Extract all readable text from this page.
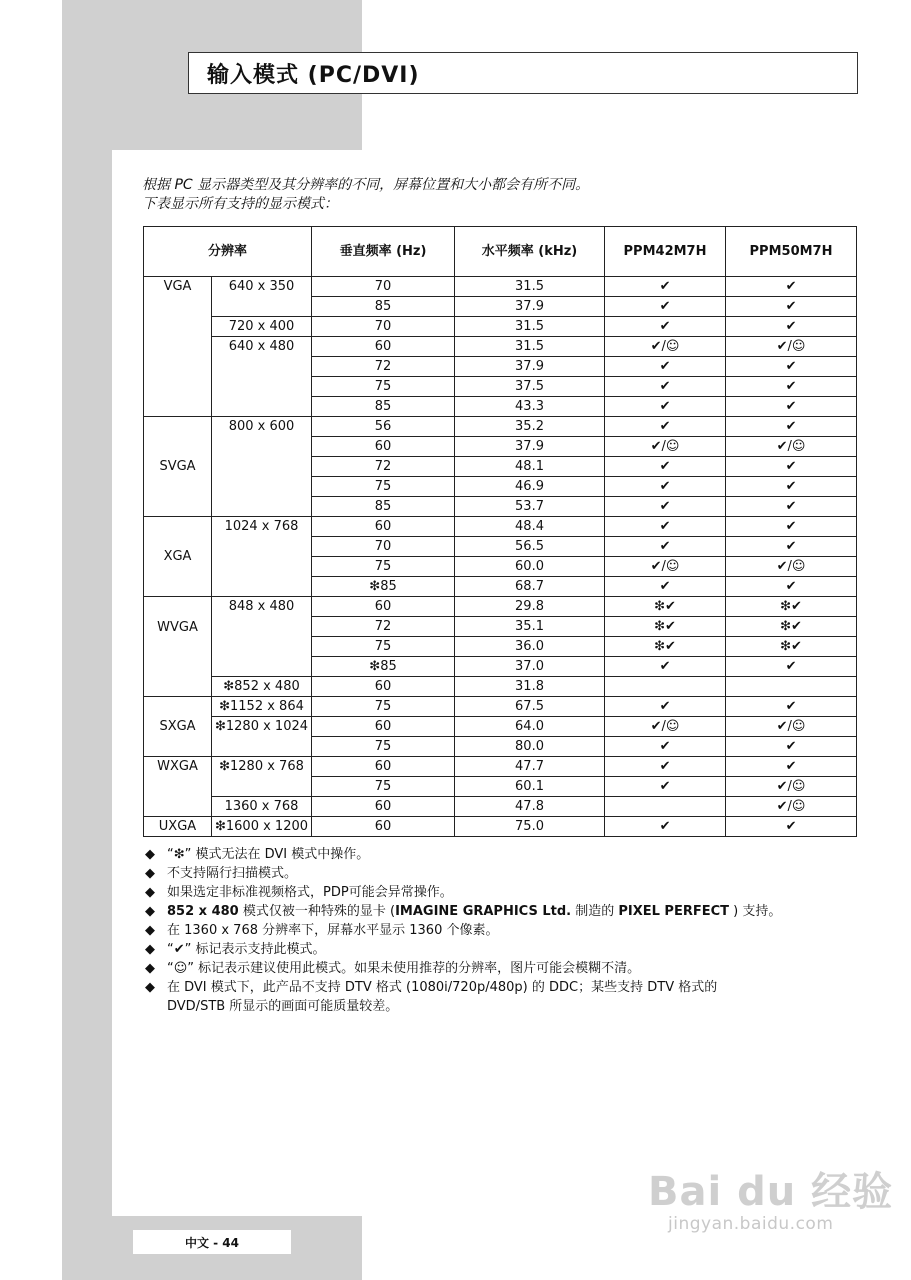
输入模式 (PC/DVI)
根据 PC 显示器类型及其分辨率的不同，屏幕位置和大小都会有所不同。
下表显示所有支持的显示模式：
分辨率		垂直频率 (Hz)	水平频率 (kHz)	PPM42M7H	PPM50M7H
VGA	640 x 350	70	31.5	✔	✔
		85	37.9	✔	✔
	720 x 400	70	31.5	✔	✔
	640 x 480	60	31.5	✔/☺	✔/☺
		72	37.9	✔	✔
		75	37.5	✔	✔
		85	43.3	✔	✔
SVGA	800 x 600	56	35.2	✔	✔
		60	37.9	✔/☺	✔/☺
		72	48.1	✔	✔
		75	46.9	✔	✔
		85	53.7	✔	✔
XGA	1024 x 768	60	48.4	✔	✔
		70	56.5	✔	✔
		75	60.0	✔/☺	✔/☺
		❇85	68.7	✔	✔
WVGA	848 x 480	60	29.8	❇✔	❇✔
		72	35.1	❇✔	❇✔
		75	36.0	❇✔	❇✔
		❇85	37.0	✔	✔
	❇852 x 480	60	31.8		
SXGA	❇1152 x 864	75	67.5	✔	✔
	❇1280 x 1024	60	64.0	✔/☺	✔/☺
		75	80.0	✔	✔
WXGA	❇1280 x 768	60	47.7	✔	✔
		75	60.1	✔	✔/☺
	1360 x 768	60	47.8		✔/☺
UXGA	❇1600 x 1200	60	75.0	✔	✔
◆ “❇” 模式无法在 DVI 模式中操作。
◆ 不支持隔行扫描模式。
◆ 如果选定非标准视频格式，PDP可能会异常操作。
◆ 852 x 480 模式仅被一种特殊的显卡 (IMAGINE GRAPHICS Ltd. 制造的 PIXEL PERFECT ) 支持。
◆ 在 1360 x 768 分辨率下，屏幕水平显示 1360 个像素。
◆ “✔” 标记表示支持此模式。
◆ “☺” 标记表示建议使用此模式。如果未使用推荐的分辨率，图片可能会模糊不清。
◆ 在 DVI 模式下，此产品不支持 DTV 格式 (1080i/720p/480p) 的 DDC；某些支持 DTV 格式的
DVD/STB 所显示的画面可能质量较差。
Bai du 经验
jingyan.baidu.com
中文 - 44
